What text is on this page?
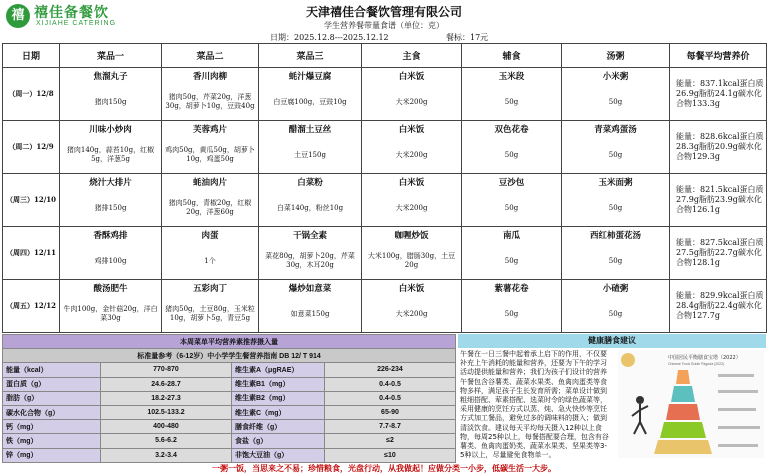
禧 禧佳备餐饮
XIJIAHE CATERING
天津禧佳合餐饮管理有限公司
学生营养餐带量食谱（单位：克）
日期：2025.12.8---2025.12.12	餐标：17元
日期	菜品一	菜品二	菜品三	主食	辅食	汤粥	每餐平均营养价
（周一）12/8	焦溜丸子	香川肉柳	蚝汁爆豆腐	白米饭	玉米段	小米粥	能量：837.1kcal蛋白质26.9g脂肪24.1g碳水化合物133.3g
	猪肉150g	猪肉50g，芹菜20g，洋葱30g，胡萝卜10g，豆豉40g	白豆腐100g，豆豉10g	大米200g	50g	50g	
（周二）12/9	川味小炒肉	芙蓉鸡片	醋溜土豆丝	白米饭	双色花卷	青菜鸡蛋汤	能量：828.6kcal蛋白质28.3g脂肪20.9g碳水化合物129.3g
	猪肉140g，蒜苔10g，红椒5g，洋葱5g	鸡肉50g，黄瓜50g，胡萝卜10g，鸡蛋50g	土豆150g	大米200g	50g	50g	
（周三）12/10	烧汁大排片	蚝油肉片	白菜粉	白米饭	豆沙包	玉米面粥	能量：821.5kcal蛋白质27.9g脂肪23.9g碳水化合物126.1g
	猪排150g	猪肉50g，青椒20g，红椒20g，洋葱60g	白菜140g，粉丝10g	大米200g	50g	50g	
（周四）12/11	香酥鸡排	肉蛋	干锅全素	咖喱炒饭	南瓜	西红柿蛋花汤	能量：827.5kcal蛋白质27.5g脂肪22.7g碳水化合物128.1g
	鸡排100g	1个	菜花80g，胡萝卜20g，芹菜30g，木耳20g	大米100g，腊肠30g，土豆20g	50g	50g	
（周五）12/12	酸汤肥牛	五彩肉丁	爆炒如意菜	白米饭	紫薯花卷	小碴粥	能量：829.9kcal蛋白质28.4g脂肪22.4g碳水化合物127.7g
	牛肉100g，金针菇20g，洋白菜30g	猪肉50g，土豆80g，玉米粒10g，胡萝卜5g，青豆5g	如意菜150g	大米200g	50g	50g	
本周菜单平均营养素推荐摄入量			
标准量参考（6-12岁）中小学学生餐营养指南 DB 12/ T 914			
能量（kcal）	770-870	维生素A（μgRAE）	226-234
蛋白质（g）	24.6-28.7	维生素B1（mg）	0.4-0.5
脂肪（g）	18.2-27.3	维生素B2（mg）	0.4-0.5
碳水化合物（g）	102.5-133.2	维生素C（mg）	65-90
钙（mg）	400-480	膳食纤维（g）	7.7-8.7
铁（mg）	5.6-6.2	食盐（g）	≤2
锌（mg）	3.2-3.4	非饱大豆油（g）	≤10
健康膳食建议
午餐在一日三餐中起着承上启下的作用，不仅要补充上午消耗的能量和营养，还要为下午的学习活动提供能量和营养；我们为孩子们设计的营养午餐包含谷薯类、蔬菜水果类、鱼禽肉蛋类等食物多样，满足孩子生长发育所需；菜单设计做到粗细搭配、荤素搭配、选菜时令的绿色蔬菜等，采用健康的烹饪方式以蒸、炖、急火快炒等烹饪方式加工餐品，避免过多的调味料的摄入；做到清淡饮食。建议每天平均每天摄入12种以上食物，每周25种以上，每餐搭配要合理，包含有谷薯类、鱼禽肉蛋奶类、蔬菜水果类、坚果类等3-5种以上，尽量避免食物单一。
中国居民平衡膳食宝塔（2022）
Chinese Food Guide Pagoda (2022)
一粥一饭，当思来之不易；珍惜粮食，光盘行动，从我做起！应做分类一小步，低碳生活一大步。
